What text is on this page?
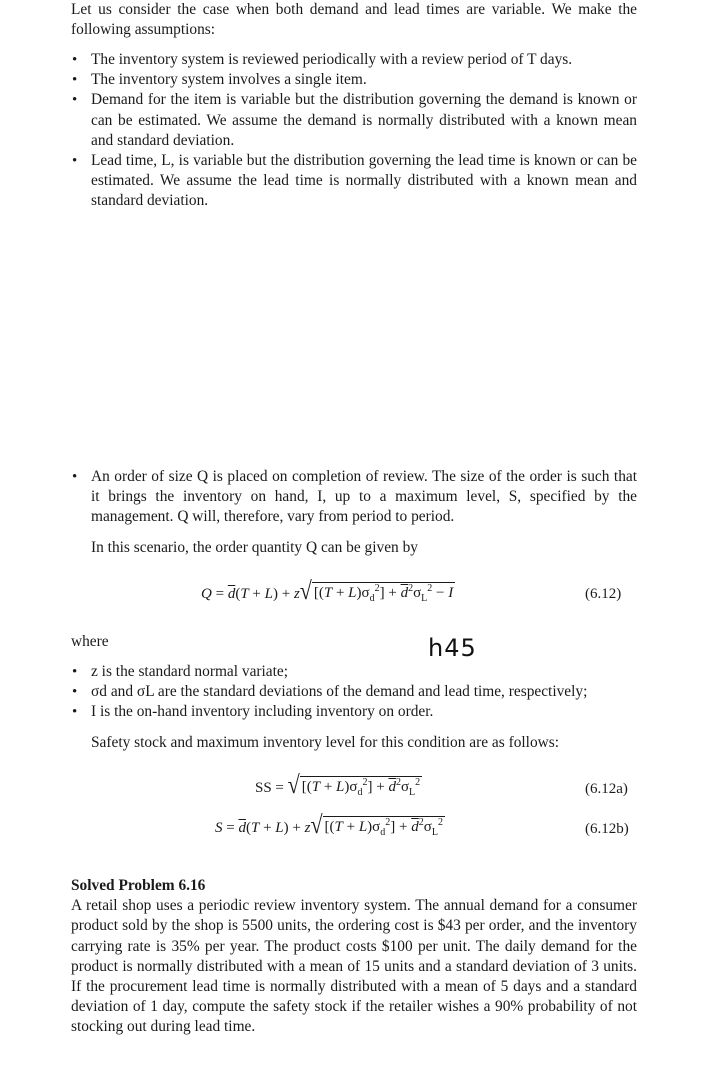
Let us consider the case when both demand and lead times are variable. We make the following assumptions:

• The inventory system is reviewed periodically with a review period of T days.
• The inventory system involves a single item.
• Demand for the item is variable but the distribution governing the demand is known or can be estimated. We assume the demand is normally distributed with a known mean and standard deviation.
• Lead time, L, is variable but the distribution governing the lead time is known or can be estimated. We assume the lead time is normally distributed with a known mean and standard deviation.
• An order of size Q is placed on completion of review. The size of the order is such that it brings the inventory on hand, I, up to a maximum level, S, specified by the management. Q will, therefore, vary from period to period.

In this scenario, the order quantity Q can be given by

$Q = \overline{d}(T + L) + z$ √ $[(T + L)\sigma_d^2] + \overline{d}^2\sigma_L^2 - I$	(6.12)
where	h45
• z is the standard normal variate;
• σd and σL are the standard deviations of the demand and lead time, respectively;
• I is the on-hand inventory including inventory on order.

Safety stock and maximum inventory level for this condition are as follows:

SS = √ $[(T + L)\sigma_d^2] + \overline{d}^2\sigma_L^2$	(6.12a)
$S = \overline{d}(T + L) + z$ √ $[(T + L)\sigma_d^2] + \overline{d}^2\sigma_L^2$	(6.12b)
Solved Problem 6.16

A retail shop uses a periodic review inventory system. The annual demand for a consumer product sold by the shop is 5500 units, the ordering cost is $43 per order, and the inventory carrying rate is 35% per year. The product costs $100 per unit. The daily demand for the product is normally distributed with a mean of 15 units and a standard deviation of 3 units. If the procurement lead time is normally distributed with a mean of 5 days and a standard deviation of 1 day, compute the safety stock if the retailer wishes a 90% probability of not stocking out during lead time.
